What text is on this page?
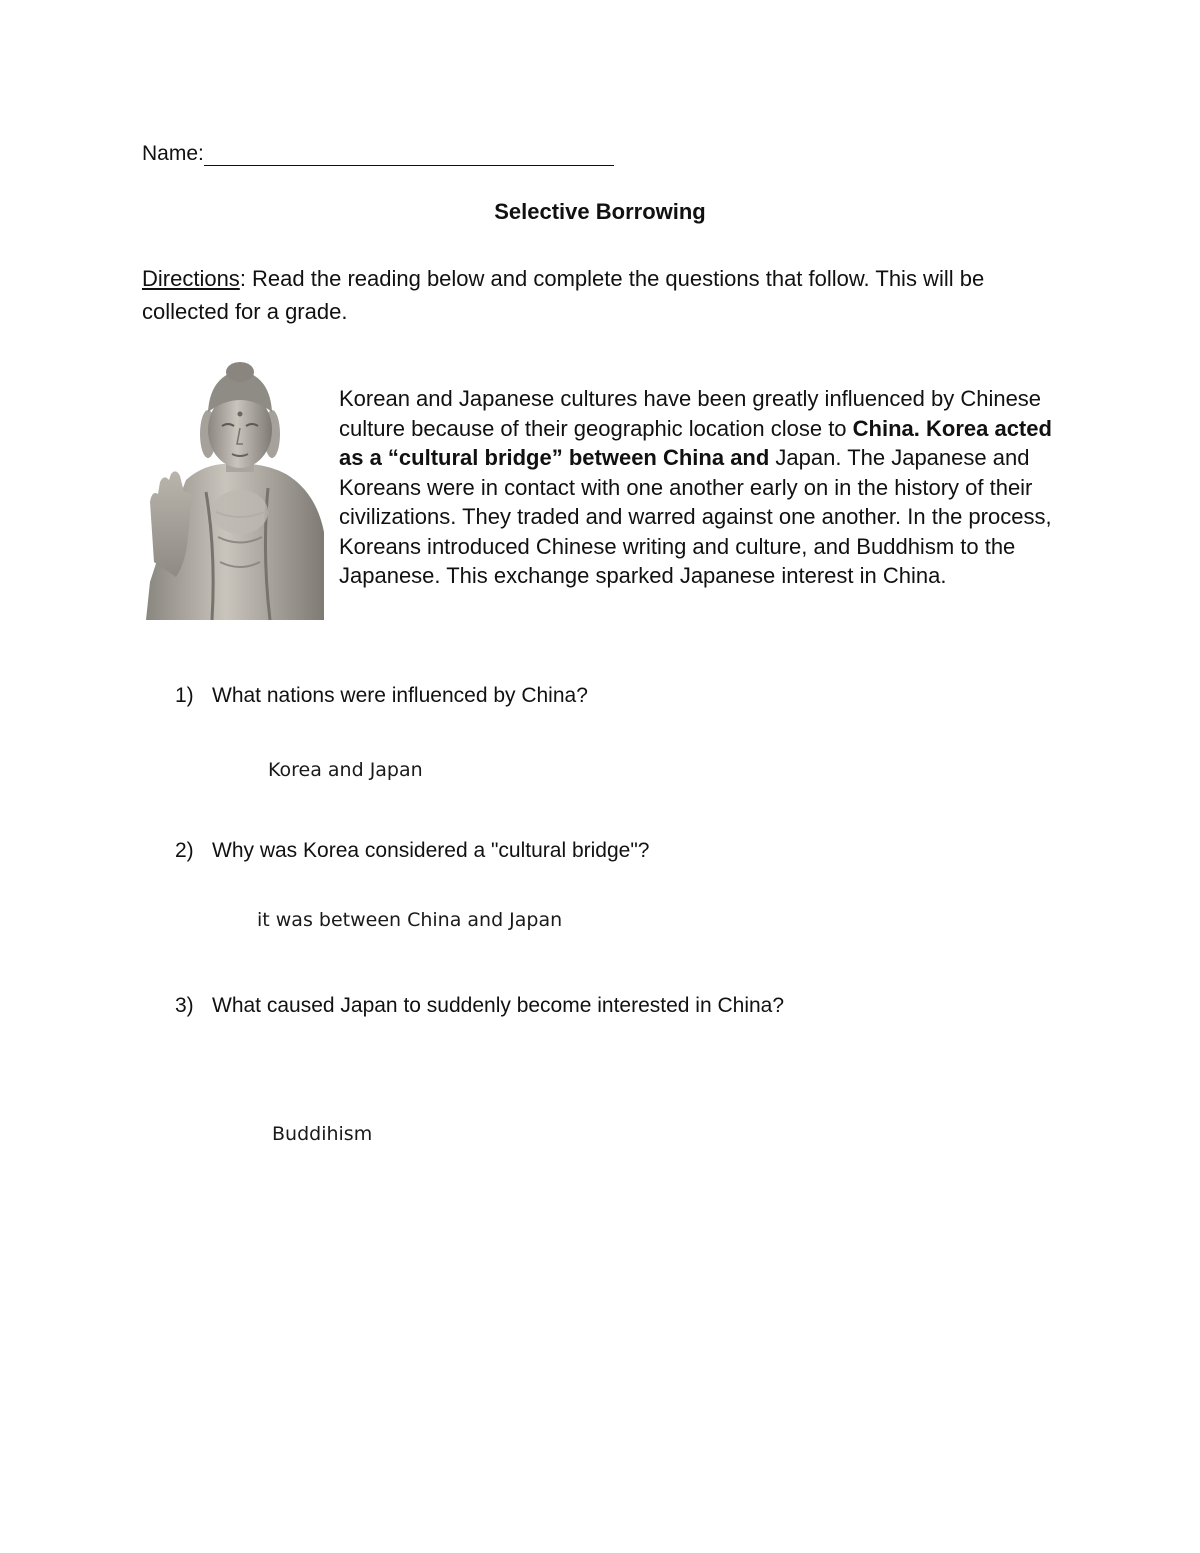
Name:
Selective Borrowing
Directions: Read the reading below and complete the questions that follow. This will be collected for a grade.
Korean and Japanese cultures have been greatly influenced by Chinese culture because of their geographic location close to China. Korea acted as a “cultural bridge” between China and Japan. The Japanese and Koreans were in contact with one another early on in the history of their civilizations. They traded and warred against one another. In the process, Koreans introduced Chinese writing and culture, and Buddhism to the Japanese. This exchange sparked Japanese interest in China.
1) What nations were influenced by China?
Korea and Japan
2) Why was Korea considered a "cultural bridge"?
it was between China and Japan
3) What caused Japan to suddenly become interested in China?
Buddihism
